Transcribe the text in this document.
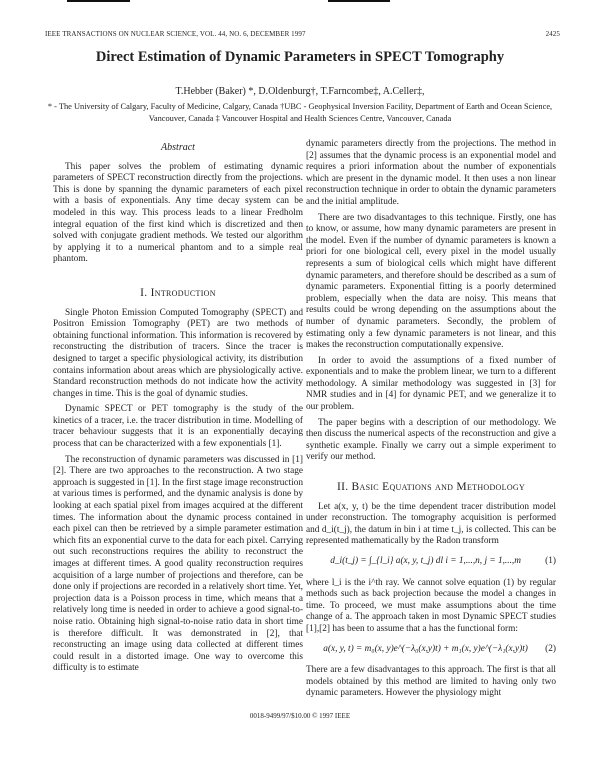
IEEE TRANSACTIONS ON NUCLEAR SCIENCE, VOL. 44, NO. 6, DECEMBER 1997	2425
Direct Estimation of Dynamic Parameters in SPECT Tomography
T.Hebber (Baker) *, D.Oldenburg†, T.Farncombe‡, A.Celler‡,
* - The University of Calgary, Faculty of Medicine, Calgary, Canada †UBC - Geophysical Inversion Facility, Department of Earth and Ocean Science, Vancouver, Canada ‡ Vancouver Hospital and Health Sciences Centre, Vancouver, Canada
Abstract

This paper solves the problem of estimating dynamic parameters of SPECT reconstruction directly from the projections. This is done by spanning the dynamic parameters of each pixel with a basis of exponentials. Any time decay system can be modeled in this way. This process leads to a linear Fredholm integral equation of the first kind which is discretized and then solved with conjugate gradient methods. We tested our algorithm by applying it to a numerical phantom and to a simple real phantom.

I. Introduction

Single Photon Emission Computed Tomography (SPECT) and Positron Emission Tomography (PET) are two methods of obtaining functional information. This information is recovered by reconstructing the distribution of tracers. Since the tracer is designed to target a specific physiological activity, its distribution contains information about areas which are physiologically active. Standard reconstruction methods do not indicate how the activity changes in time. This is the goal of dynamic studies.

Dynamic SPECT or PET tomography is the study of the kinetics of a tracer, i.e. the tracer distribution in time. Modelling of tracer behaviour suggests that it is an exponentially decaying process that can be characterized with a few exponentials [1].

The reconstruction of dynamic parameters was discussed in [1][2]. There are two approaches to the reconstruction. A two stage approach is suggested in [1]. In the first stage image reconstruction at various times is performed, and the dynamic analysis is done by looking at each spatial pixel from images acquired at the different times. The information about the dynamic process contained in each pixel can then be retrieved by a simple parameter estimation which fits an exponential curve to the data for each pixel. Carrying out such reconstructions requires the ability to reconstruct the images at different times. A good quality reconstruction requires acquisition of a large number of projections and therefore, can be done only if projections are recorded in a relatively short time. Yet, projection data is a Poisson process in time, which means that a relatively long time is needed in order to achieve a good signal-to-noise ratio. Obtaining high signal-to-noise ratio data in short time is therefore difficult. It was demonstrated in [2], that reconstructing an image using data collected at different times could result in a distorted image. One way to overcome this difficulty is to estimate

dynamic parameters directly from the projections. The method in [2] assumes that the dynamic process is an exponential model and requires a priori information about the number of exponentials which are present in the dynamic model. It then uses a non linear reconstruction technique in order to obtain the dynamic parameters and the initial amplitude.

There are two disadvantages to this technique. Firstly, one has to know, or assume, how many dynamic parameters are present in the model. Even if the number of dynamic parameters is known a priori for one biological cell, every pixel in the model usually represents a sum of biological cells which might have different dynamic parameters, and therefore should be described as a sum of dynamic parameters. Exponential fitting is a poorly determined problem, especially when the data are noisy. This means that results could be wrong depending on the assumptions about the number of dynamic parameters. Secondly, the problem of estimating only a few dynamic parameters is not linear, and this makes the reconstruction computationally expensive.

In order to avoid the assumptions of a fixed number of exponentials and to make the problem linear, we turn to a different methodology. A similar methodology was suggested in [3] for NMR studies and in [4] for dynamic PET, and we generalize it to our problem.

The paper begins with a description of our methodology. We then discuss the numerical aspects of the reconstruction and give a synthetic example. Finally we carry out a simple experiment to verify our method.

II. Basic Equations and Methodology

Let a(x, y, t) be the time dependent tracer distribution model under reconstruction. The tomography acquisition is performed and d_i(t_j), the datum in bin i at time t_j, is collected. This can be represented mathematically by the Radon transform

d_i(t_j) = ∫_{l_i} a(x, y, t_j) dl i = 1,...,n, j = 1,...,m	(1)

where l_i is the i^th ray. We cannot solve equation (1) by regular methods such as back projection because the model a changes in time. To proceed, we must make assumptions about the time change of a. The approach taken in most Dynamic SPECT studies [1],[2] has been to assume that a has the functional form:

a(x, y, t) = m₀(x, y)e^(−λ₀(x,y)t) + m₁(x, y)e^(−λ₁(x,y)t)	(2)

There are a few disadvantages to this approach. The first is that all models obtained by this method are limited to having only two dynamic parameters. However the physiology might

0018-9499/97/$10.00 © 1997 IEEE
